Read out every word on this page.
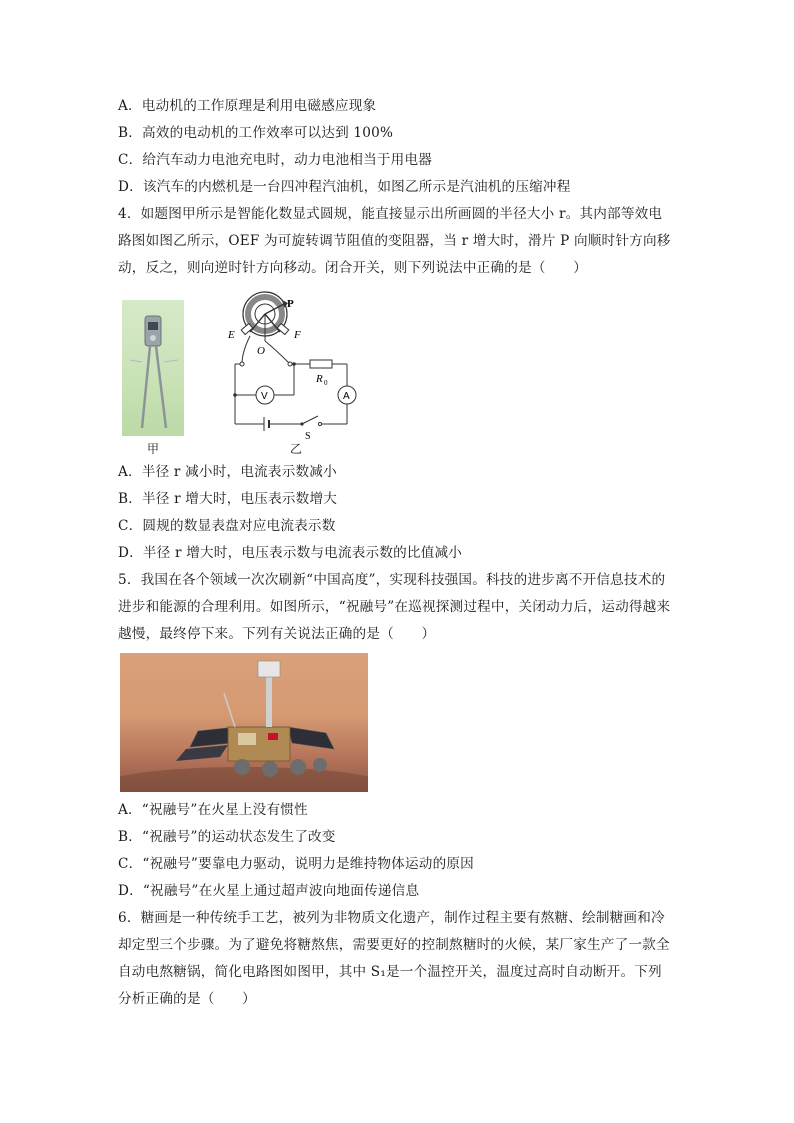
A．电动机的工作原理是利用电磁感应现象
B．高效的电动机的工作效率可以达到 100%
C．给汽车动力电池充电时，动力电池相当于用电器
D．该汽车的内燃机是一台四冲程汽油机，如图乙所示是汽油机的压缩冲程
4．如题图甲所示是智能化数显式圆规，能直接显示出所画圆的半径大小 r。其内部等效电
路图如图乙所示，OEF 为可旋转调节阻值的变阻器，当 r 增大时，滑片 P 向顺时针方向移
动，反之，则向逆时针方向移动。闭合开关，则下列说法中正确的是（　　）
甲
P
E	F
O
R 0
V	A
S
乙
A．半径 r 减小时，电流表示数减小
B．半径 r 增大时，电压表示数增大
C．圆规的数显表盘对应电流表示数
D．半径 r 增大时，电压表示数与电流表示数的比值减小
5．我国在各个领域一次次刷新“中国高度”，实现科技强国。科技的进步离不开信息技术的
进步和能源的合理利用。如图所示，“祝融号”在巡视探测过程中，关闭动力后，运动得越来
越慢，最终停下来。下列有关说法正确的是（　　）
A．“祝融号”在火星上没有惯性
B．“祝融号”的运动状态发生了改变
C．“祝融号”要靠电力驱动，说明力是维持物体运动的原因
D．“祝融号”在火星上通过超声波向地面传递信息
6．糖画是一种传统手工艺，被列为非物质文化遗产，制作过程主要有熬糖、绘制糖画和冷
却定型三个步骤。为了避免将糖熬焦，需要更好的控制熬糖时的火候，某厂家生产了一款全
自动电熬糖锅，简化电路图如图甲，其中 S₁是一个温控开关，温度过高时自动断开。下列
分析正确的是（　　）
